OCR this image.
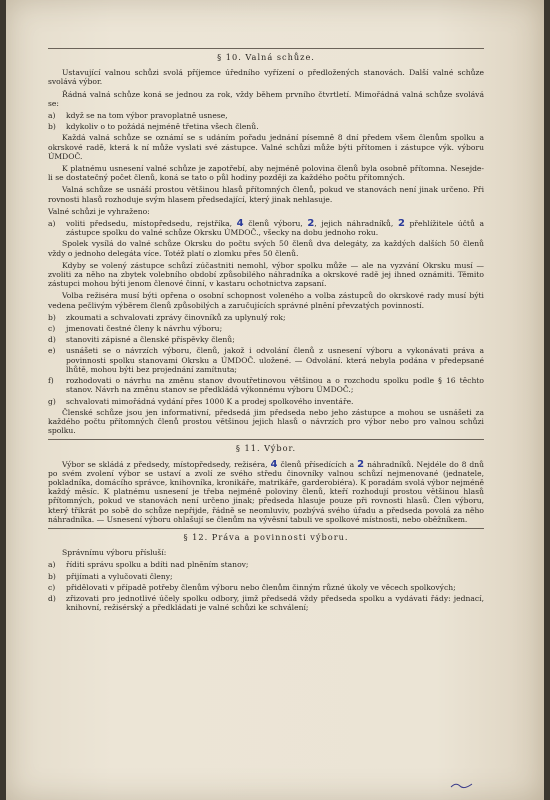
§ 10. Valná schůze.

Ustavující valnou schůzi svolá příjemce úředního vyřízení o předložených stanovách. Další valné schůze svolává výbor.

Řádná valná schůze koná se jednou za rok, vždy během prvního čtvrtletí. Mimořádná valná schůze svolává se:

a)	když se na tom výbor pravoplatně usnese,
b)	kdykoliv o to požádá nejméně třetina všech členů.

Každá valná schůze se oznámí se s udáním pořadu jednání písemně 8 dní předem všem členům spolku a okrskové radě, která k ní může vyslati své zástupce. Valné schůzi může býti přítomen i zástupce výk. výboru ÚMDOČ.

K platnému usnesení valné schůze je zapotřebí, aby nejméně polovina členů byla osobně přítomna. Nesejde-li se dostatečný počet členů, koná se tato o půl hodiny později za každého počtu přítomných.

Valná schůze se usnáší prostou většinou hlasů přítomných členů, pokud ve stanovách není jinak určeno. Při rovnosti hlasů rozhoduje svým hlasem předsedající, který jinak nehlasuje.

Valné schůzi je vyhraženo:

a)	voliti předsedu, místopředsedu, rejstříka, 4 členů výboru, 2, jejich náhradníků, 2 přehlížitele účtů a zástupce spolku do valné schůze Okrsku ÚMDOČ., všecky na dobu jednoho roku.

Spolek vysílá do valné schůze Okrsku do počtu svých 50 členů dva delegáty, za každých dalších 50 členů vždy o jednoho delegáta více. Totéž platí o zlomku přes 50 členů.

Kdyby se volený zástupce schůzí zúčastniti nemohl, výbor spolku může — ale na vyzvání Okrsku musí — zvoliti za něho na zbytek volebního období způsobilého náhradníka a okrskové radě jej ihned oznámiti. Těmito zástupci mohou býti jenom členové činní, v kastaru ochotnictva zapsaní.

Volba režiséra musí býti opřena o osobní schopnost voleného a volba zástupců do okrskové rady musí býti vedena pečlivým výběrem členů způsobilých a zaručujících správné plnění převzatých povinností.

b)	zkoumati a schvalovati zprávy činovníků za uplynulý rok;
c)	jmenovati čestné členy k návrhu výboru;
d)	stanoviti zápisné a členské příspěvky členů;
e)	usnášeti se o návrzích výboru, členů, jakož i odvolání členů z usnesení výboru a vykonávati práva a povinnosti spolku stanovami Okrsku a ÚMDOČ. uložené. — Odvolání. která nebyla podána v předepsané lhůtě, mohou býti bez projednání zamítnuta;
f)	rozhodovati o návrhu na změnu stanov dvoutřetinovou většinou a o rozchodu spolku podle § 16 těchto stanov. Návrh na změnu stanov se předkládá výkonnému výboru ÚMDOČ.;
g)	schvalovati mimořádná vydání přes 1000 K a prodej spolkového inventáře.

Členské schůze jsou jen informativní, předsedá jim předseda nebo jeho zástupce a mohou se usnášeti za každého počtu přítomných členů prostou většinou jejich hlasů o návrzích pro výbor nebo pro valnou schůzi spolku.

§ 11. Výbor.

Výbor se skládá z předsedy, místopředsedy, režiséra, 4 členů přísedících a 2 náhradníků. Nejdéle do 8 dnů po svém zvolení výbor se ustaví a zvolí ze svého středu činovníky valnou schůzí nejmenované (jednatele, pokladníka, domácího správce, knihovníka, kronikáře, matrikáře, garderobiéra). K poradám svolá výbor nejméně každý měsíc. K platnému usnesení je třeba nejméně poloviny členů, kteří rozhodují prostou většinou hlasů přítomných, pokud ve stanovách není určeno jinak; předseda hlasuje pouze při rovnosti hlasů. Člen výboru, který třikrát po sobě do schůze nepřijde, řádně se neomluviv, pozbývá svého úřadu a předseda povolá za něho náhradníka. — Usnesení výboru ohlašují se členům na vývěsní tabuli ve spolkové místnosti, nebo oběžníkem.

§ 12. Práva a povinnosti výboru.

Správnímu výboru přísluší:

a)	říditi správu spolku a bdíti nad plněním stanov;
b)	přijímati a vylučovati členy;
c)	přidělovati v případě potřeby členům výboru nebo členům činným různé úkoly ve věcech spolkových;
d)	zřizovati pro jednotlivé účely spolku odbory, jimž předsedá vždy předseda spolku a vydávati řády: jednací, knihovní, režisérský a předkládati je valné schůzi ke schválení;
